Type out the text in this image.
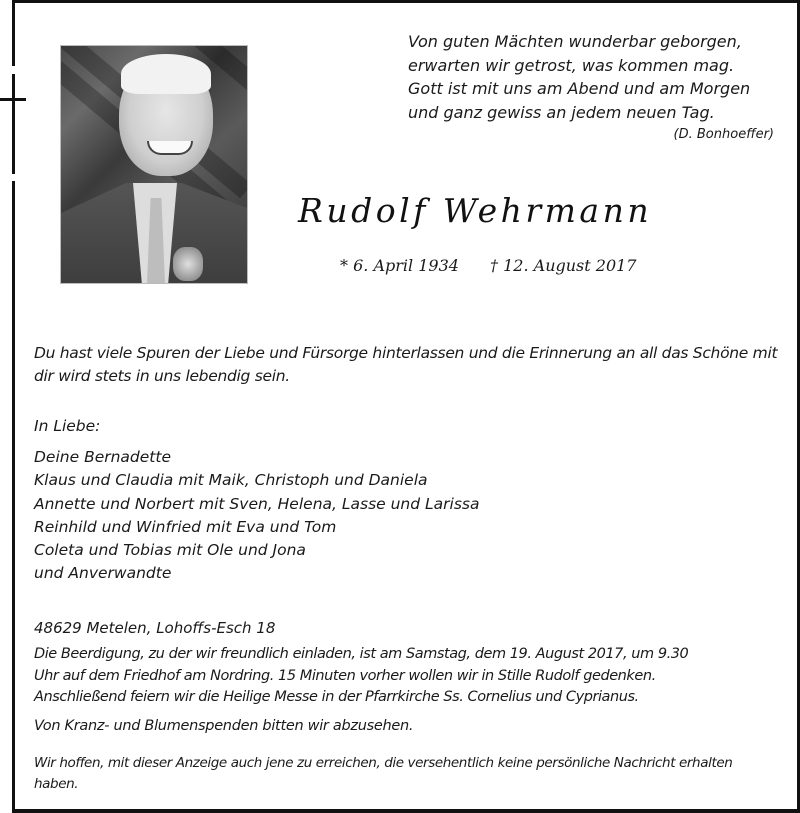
Von guten Mächten wunderbar geborgen,
erwarten wir getrost, was kommen mag.
Gott ist mit uns am Abend und am Morgen
und ganz gewiss an jedem neuen Tag.
(D. Bonhoeffer)
Rudolf Wehrmann
* 6. April 1934 † 12. August 2017
Du hast viele Spuren der Liebe und Fürsorge hinterlassen und die Erinnerung an all das Schöne mit dir wird stets in uns lebendig sein.
In Liebe:
Deine Bernadette
Klaus und Claudia mit Maik, Christoph und Daniela
Annette und Norbert mit Sven, Helena, Lasse und Larissa
Reinhild und Winfried mit Eva und Tom
Coleta und Tobias mit Ole und Jona
und Anverwandte
48629 Metelen, Lohoffs-Esch 18
Die Beerdigung, zu der wir freundlich einladen, ist am Samstag, dem 19. August 2017, um 9.30
Uhr auf dem Friedhof am Nordring. 15 Minuten vorher wollen wir in Stille Rudolf gedenken.
Anschließend feiern wir die Heilige Messe in der Pfarrkirche Ss. Cornelius und Cyprianus.
Von Kranz- und Blumenspenden bitten wir abzusehen.
Wir hoffen, mit dieser Anzeige auch jene zu erreichen, die versehentlich keine persönliche Nachricht erhalten haben.
